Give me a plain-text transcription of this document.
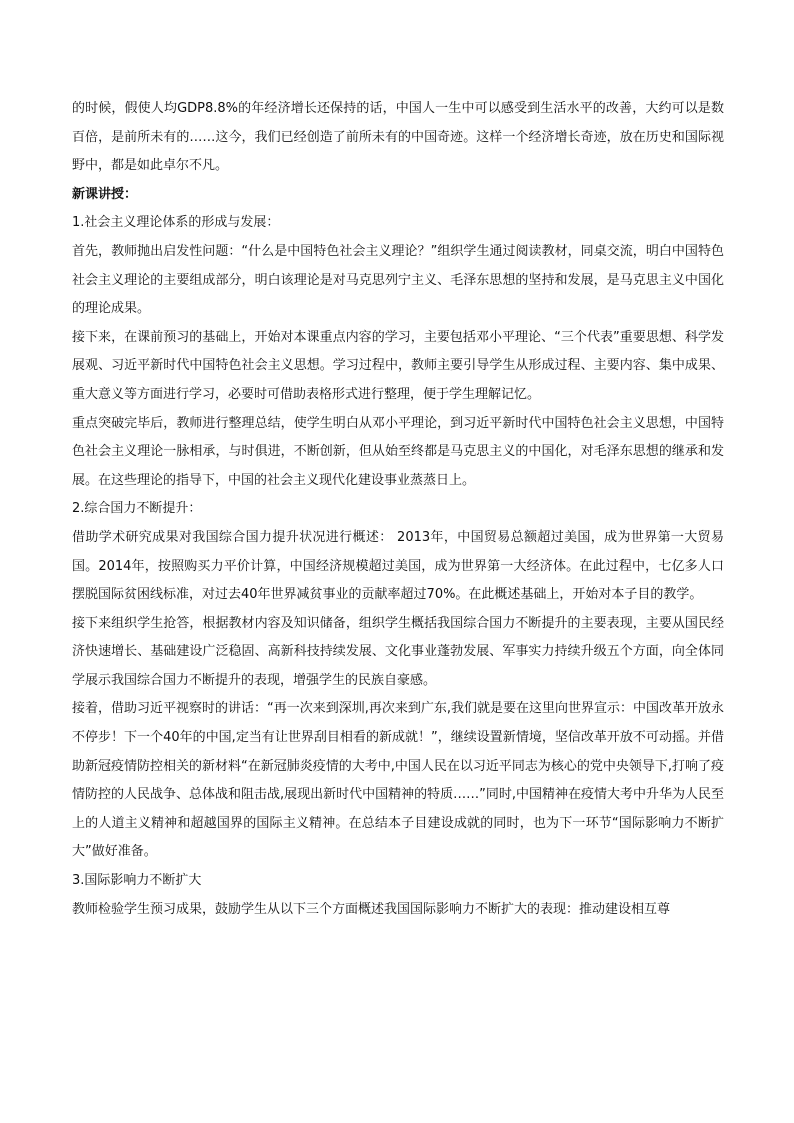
的时候，假使人均GDP8.8%的年经济增长还保持的话，中国人一生中可以感受到生活水平的改善，大约可以是数百倍，是前所未有的……这今，我们已经创造了前所未有的中国奇迹。这样一个经济增长奇迹，放在历史和国际视野中，都是如此卓尔不凡。

新课讲授：

1.社会主义理论体系的形成与发展：

首先，教师抛出启发性问题：“什么是中国特色社会主义理论？”组织学生通过阅读教材，同桌交流，明白中国特色社会主义理论的主要组成部分，明白该理论是对马克思列宁主义、毛泽东思想的坚持和发展，是马克思主义中国化的理论成果。

接下来，在课前预习的基础上，开始对本课重点内容的学习，主要包括邓小平理论、“三个代表”重要思想、科学发展观、习近平新时代中国特色社会主义思想。学习过程中，教师主要引导学生从形成过程、主要内容、集中成果、重大意义等方面进行学习，必要时可借助表格形式进行整理，便于学生理解记忆。

重点突破完毕后，教师进行整理总结，使学生明白从邓小平理论，到习近平新时代中国特色社会主义思想，中国特色社会主义理论一脉相承，与时俱进，不断创新，但从始至终都是马克思主义的中国化，对毛泽东思想的继承和发展。在这些理论的指导下，中国的社会主义现代化建设事业蒸蒸日上。

2.综合国力不断提升：

借助学术研究成果对我国综合国力提升状况进行概述： 2013年，中国贸易总额超过美国，成为世界第一大贸易国。2014年，按照购买力平价计算，中国经济规模超过美国，成为世界第一大经济体。在此过程中，七亿多人口摆脱国际贫困线标准，对过去40年世界减贫事业的贡献率超过70%。在此概述基础上，开始对本子目的教学。

接下来组织学生抢答，根据教材内容及知识储备，组织学生概括我国综合国力不断提升的主要表现，主要从国民经济快速增长、基础建设广泛稳固、高新科技持续发展、文化事业蓬勃发展、军事实力持续升级五个方面，向全体同学展示我国综合国力不断提升的表现，增强学生的民族自豪感。

接着，借助习近平视察时的讲话：“再一次来到深圳,再次来到广东,我们就是要在这里向世界宣示：中国改革开放永不停步！下一个40年的中国,定当有让世界刮目相看的新成就！”，继续设置新情境，坚信改革开放不可动摇。并借助新冠疫情防控相关的新材料“在新冠肺炎疫情的大考中,中国人民在以习近平同志为核心的党中央领导下,打响了疫情防控的人民战争、总体战和阻击战,展现出新时代中国精神的特质……”同时,中国精神在疫情大考中升华为人民至上的人道主义精神和超越国界的国际主义精神。在总结本子目建设成就的同时，也为下一环节“国际影响力不断扩大”做好准备。

3.国际影响力不断扩大

教师检验学生预习成果，鼓励学生从以下三个方面概述我国国际影响力不断扩大的表现：推动建设相互尊
